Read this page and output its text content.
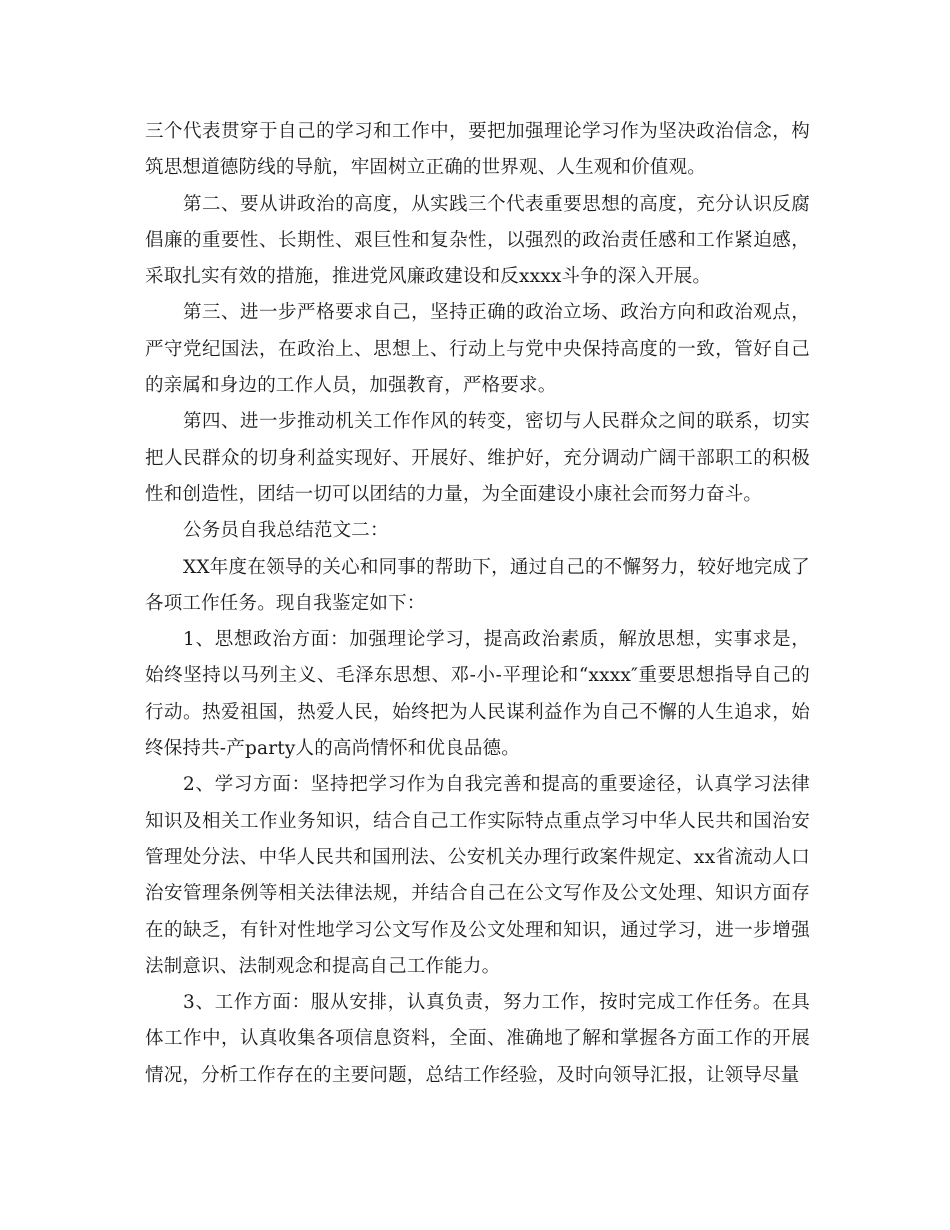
三个代表贯穿于自己的学习和工作中，要把加强理论学习作为坚决政治信念，构筑思想道德防线的导航，牢固树立正确的世界观、人生观和价值观。

第二、要从讲政治的高度，从实践三个代表重要思想的高度，充分认识反腐倡廉的重要性、长期性、艰巨性和复杂性，以强烈的政治责任感和工作紧迫感，采取扎实有效的措施，推进党风廉政建设和反xxxx斗争的深入开展。

第三、进一步严格要求自己，坚持正确的政治立场、政治方向和政治观点，严守党纪国法，在政治上、思想上、行动上与党中央保持高度的一致，管好自己的亲属和身边的工作人员，加强教育，严格要求。

第四、进一步推动机关工作作风的转变，密切与人民群众之间的联系，切实把人民群众的切身利益实现好、开展好、维护好，充分调动广阔干部职工的积极性和创造性，团结一切可以团结的力量，为全面建设小康社会而努力奋斗。

公务员自我总结范文二：

XX年度在领导的关心和同事的帮助下，通过自己的不懈努力，较好地完成了各项工作任务。现自我鉴定如下：

1、思想政治方面：加强理论学习，提高政治素质，解放思想，实事求是，始终坚持以马列主义、毛泽东思想、邓-小-平理论和“xxxx″重要思想指导自己的行动。热爱祖国，热爱人民，始终把为人民谋利益作为自己不懈的人生追求，始终保持共-产party人的高尚情怀和优良品德。

2、学习方面：坚持把学习作为自我完善和提高的重要途径，认真学习法律知识及相关工作业务知识，结合自己工作实际特点重点学习中华人民共和国治安管理处分法、中华人民共和国刑法、公安机关办理行政案件规定、xx省流动人口治安管理条例等相关法律法规，并结合自己在公文写作及公文处理、知识方面存在的缺乏，有针对性地学习公文写作及公文处理和知识，通过学习，进一步增强法制意识、法制观念和提高自己工作能力。

3、工作方面：服从安排，认真负责，努力工作，按时完成工作任务。在具体工作中，认真收集各项信息资料，全面、准确地了解和掌握各方面工作的开展情况，分析工作存在的主要问题，总结工作经验，及时向领导汇报，让领导尽量
